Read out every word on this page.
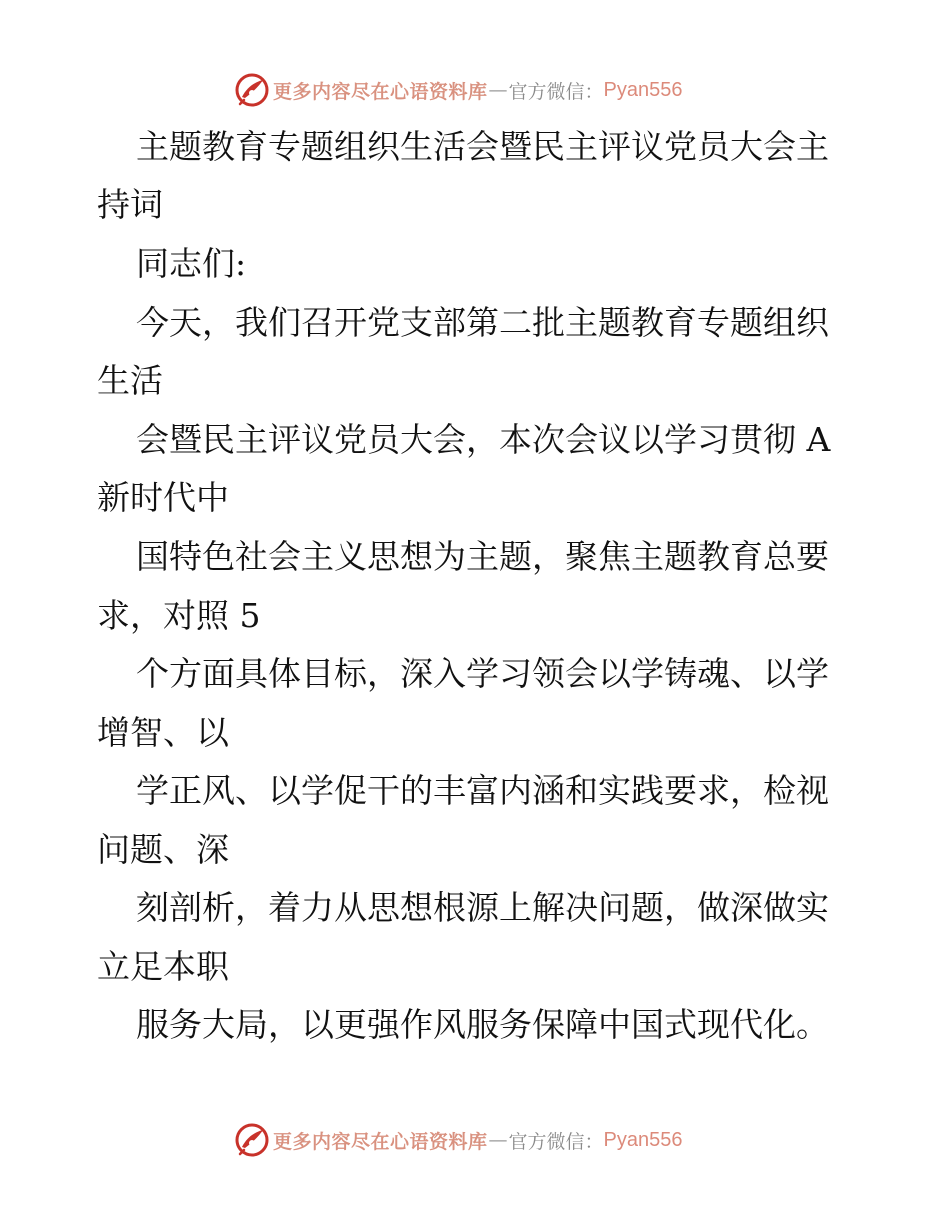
更多内容尽在心语资料库 — 官方微信： Pyan556

主题教育专题组织生活会暨民主评议党员大会主

持词

同志们:

今天，我们召开党支部第二批主题教育专题组织

生活

会暨民主评议党员大会，本次会议以学习贯彻 A

新时代中

国特色社会主义思想为主题，聚焦主题教育总要

求，对照 5

个方面具体目标，深入学习领会以学铸魂、以学

增智、以

学正风、以学促干的丰富内涵和实践要求，检视

问题、深

刻剖析，着力从思想根源上解决问题，做深做实

立足本职

服务大局，以更强作风服务保障中国式现代化。

更多内容尽在心语资料库 — 官方微信： Pyan556
